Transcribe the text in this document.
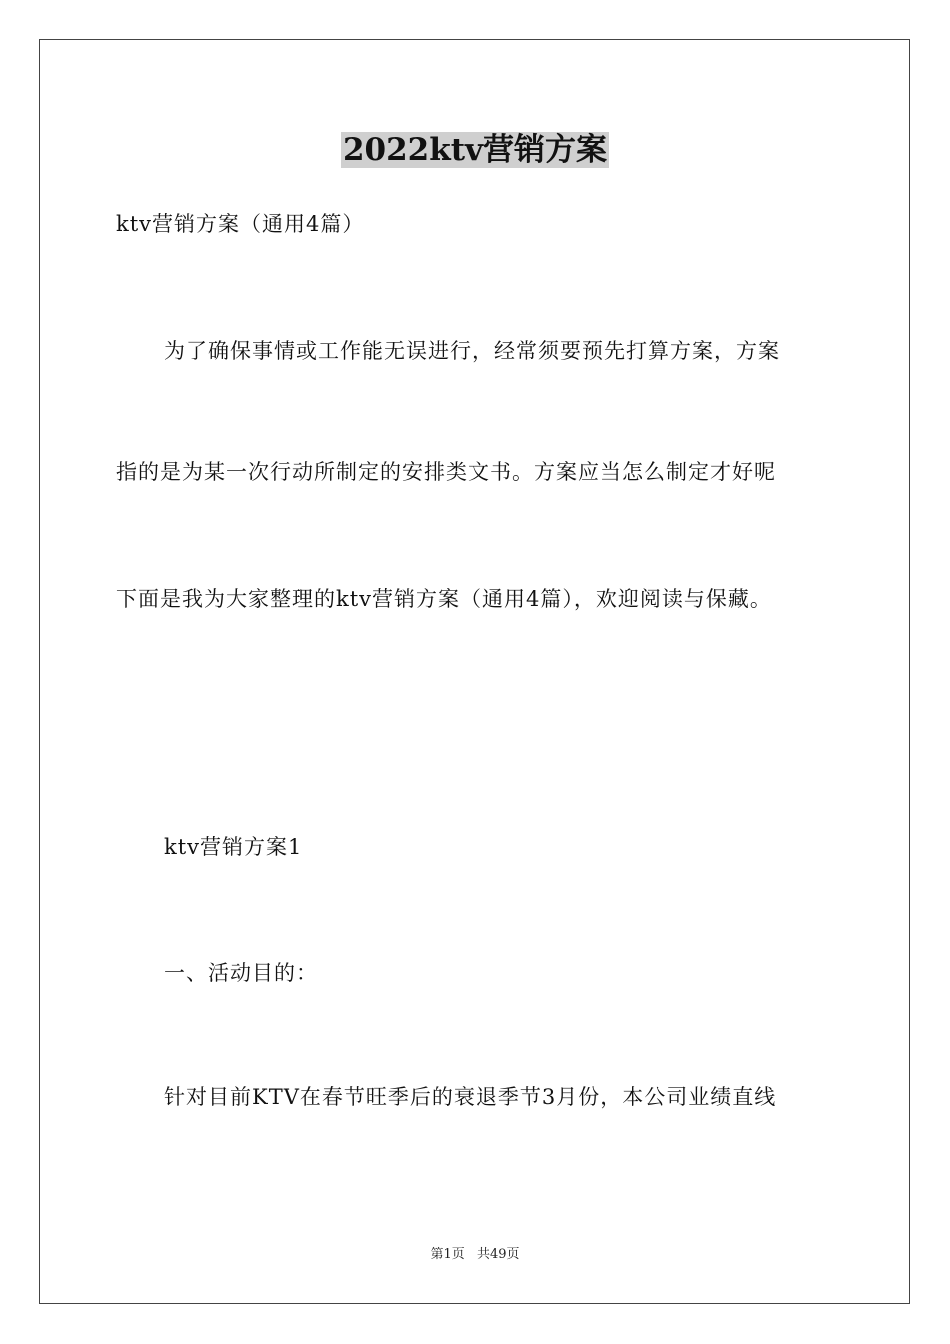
2022ktv营销方案
ktv营销方案（通用4篇）
为了确保事情或工作能无误进行，经常须要预先打算方案，方案
指的是为某一次行动所制定的安排类文书。方案应当怎么制定才好呢
下面是我为大家整理的ktv营销方案（通用4篇），欢迎阅读与保藏。
ktv营销方案1
一、活动目的：
针对目前KTV在春节旺季后的衰退季节3月份，本公司业绩直线
第1页 共49页
